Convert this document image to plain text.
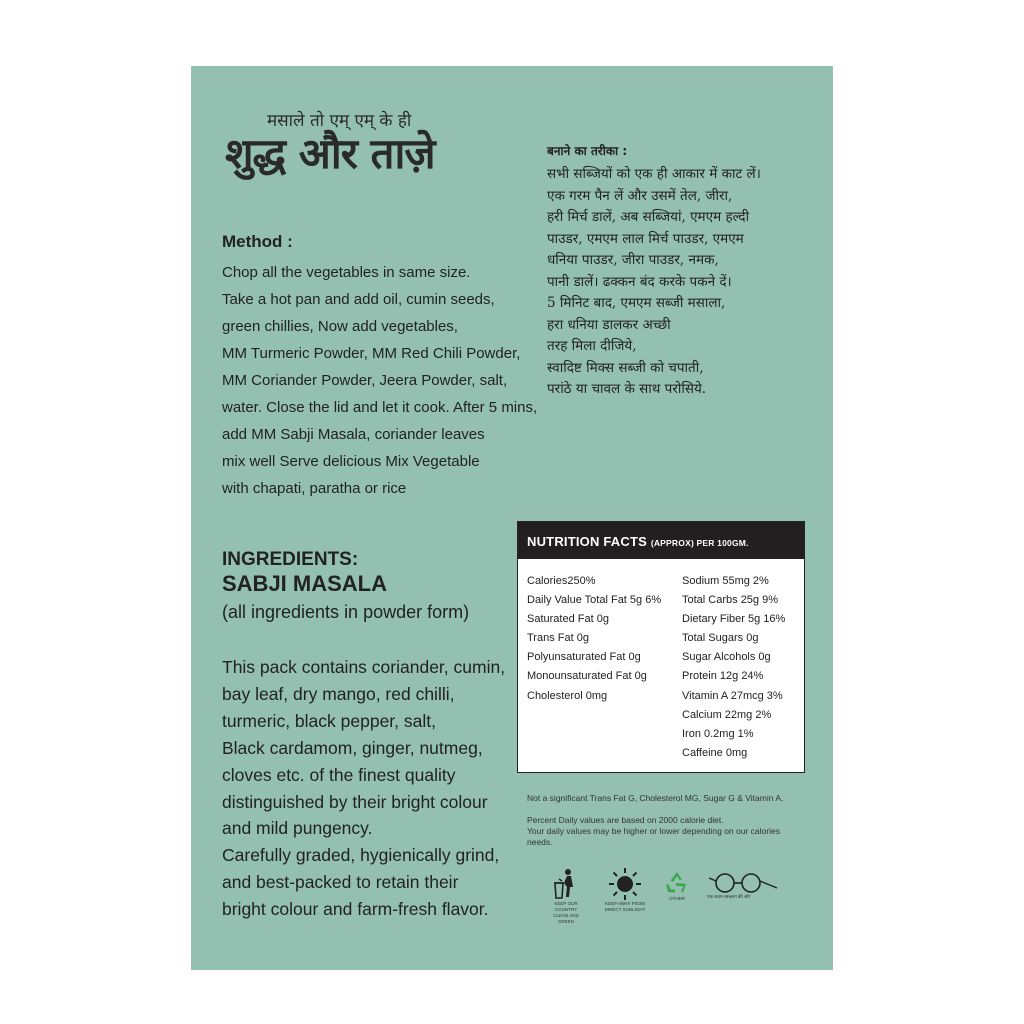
मसाले तो एम् एम् के ही
शुद्ध और ताज़े
Method :
Chop all the vegetables in same size.
Take a hot pan and add oil, cumin seeds,
green chillies, Now add vegetables,
MM Turmeric Powder, MM Red Chili Powder,
MM Coriander Powder, Jeera Powder, salt,
water. Close the lid and let it cook. After 5 mins,
add MM Sabji Masala, coriander leaves
mix well Serve delicious Mix Vegetable
with chapati, paratha or rice
बनाने का तरीका :
सभी सब्जियों को एक ही आकार में काट लें।
एक गरम पैन लें और उसमें तेल, जीरा,
हरी मिर्च डालें, अब सब्जियां, एमएम हल्दी
पाउडर, एमएम लाल मिर्च पाउडर, एमएम
धनिया पाउडर, जीरा पाउडर, नमक,
पानी डालें। ढक्कन बंद करके पकने दें।
5 मिनिट बाद, एमएम सब्जी मसाला,
हरा धनिया डालकर अच्छी
तरह मिला दीजिये,
स्वादिष्ट मिक्स सब्जी को चपाती,
परांठे या चावल के साथ परोसिये.
INGREDIENTS:
SABJI MASALA
(all ingredients in powder form)
This pack contains coriander, cumin,
bay leaf, dry mango, red chilli,
turmeric, black pepper, salt,
Black cardamom, ginger, nutmeg,
cloves etc. of the finest quality
distinguished by their bright colour
and mild pungency.
Carefully graded, hygienically grind,
and best-packed to retain their
bright colour and farm-fresh flavor.
NUTRITION FACTS (APPROX) PER 100GM.
Calories250%
Daily Value Total Fat 5g 6%
Saturated Fat 0g
Trans Fat 0g
Polyunsaturated Fat 0g
Monounsaturated Fat 0g
Cholesterol 0mg
Sodium 55mg 2%
Total Carbs 25g 9%
Dietary Fiber 5g 16%
Total Sugars 0g
Sugar Alcohols 0g
Protein 12g 24%
Vitamin A 27mcg 3%
Calcium 22mg 2%
Iron 0.2mg 1%
Caffeine 0mg
Not a significant Trans Fat G, Cholesterol MG, Sugar G & Vitamin A.
Percent Daily values are based on 2000 calorie diet.
Your daily values may be higher or lower depending on our calories
needs.
KEEP OUR COUNTRY CLEAN AND GREEN
KEEP AWAY FROM DIRECT SUNLIGHT
OTHER	एक कदम स्वच्छता की ओर
